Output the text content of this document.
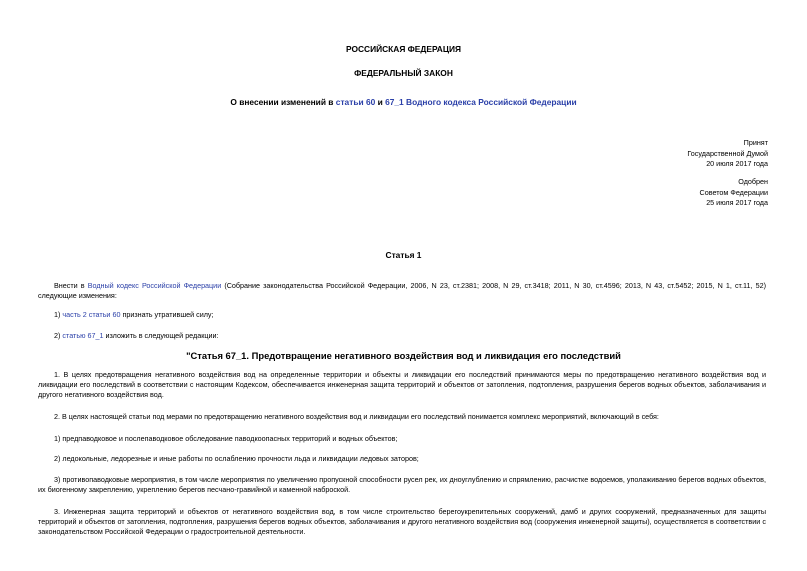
РОССИЙСКАЯ ФЕДЕРАЦИЯ
ФЕДЕРАЛЬНЫЙ ЗАКОН
О внесении изменений в статьи 60 и 67_1 Водного кодекса Российской Федерации
Принят
Государственной Думой
20 июля 2017 года
Одобрен
Советом Федерации
25 июля 2017 года
Статья 1
Внести в Водный кодекс Российской Федерации (Собрание законодательства Российской Федерации, 2006, N 23, ст.2381; 2008, N 29, ст.3418; 2011, N 30, ст.4596; 2013, N 43, ст.5452; 2015, N 1, ст.11, 52) следующие изменения:
1) часть 2 статьи 60 признать утратившей силу;
2) статью 67_1 изложить в следующей редакции:
"Статья 67_1. Предотвращение негативного воздействия вод и ликвидация его последствий
1. В целях предотвращения негативного воздействия вод на определенные территории и объекты и ликвидации его последствий принимаются меры по предотвращению негативного воздействия вод и ликвидации его последствий в соответствии с настоящим Кодексом, обеспечивается инженерная защита территорий и объектов от затопления, подтопления, разрушения берегов водных объектов, заболачивания и другого негативного воздействия вод.
2. В целях настоящей статьи под мерами по предотвращению негативного воздействия вод и ликвидации его последствий понимается комплекс мероприятий, включающий в себя:
1) предпаводковое и послепаводковое обследование паводкоопасных территорий и водных объектов;
2) ледокольные, ледорезные и иные работы по ослаблению прочности льда и ликвидации ледовых заторов;
3) противопаводковые мероприятия, в том числе мероприятия по увеличению пропускной способности русел рек, их дноуглублению и спрямлению, расчистке водоемов, уполаживанию берегов водных объектов, их биогенному закреплению, укреплению берегов песчано-гравийной и каменной наброской.
3. Инженерная защита территорий и объектов от негативного воздействия вод, в том числе строительство берегоукрепительных сооружений, дамб и других сооружений, предназначенных для защиты территорий и объектов от затопления, подтопления, разрушения берегов водных объектов, заболачивания и другого негативного воздействия вод (сооружения инженерной защиты), осуществляется в соответствии с законодательством Российской Федерации о градостроительной деятельности.
